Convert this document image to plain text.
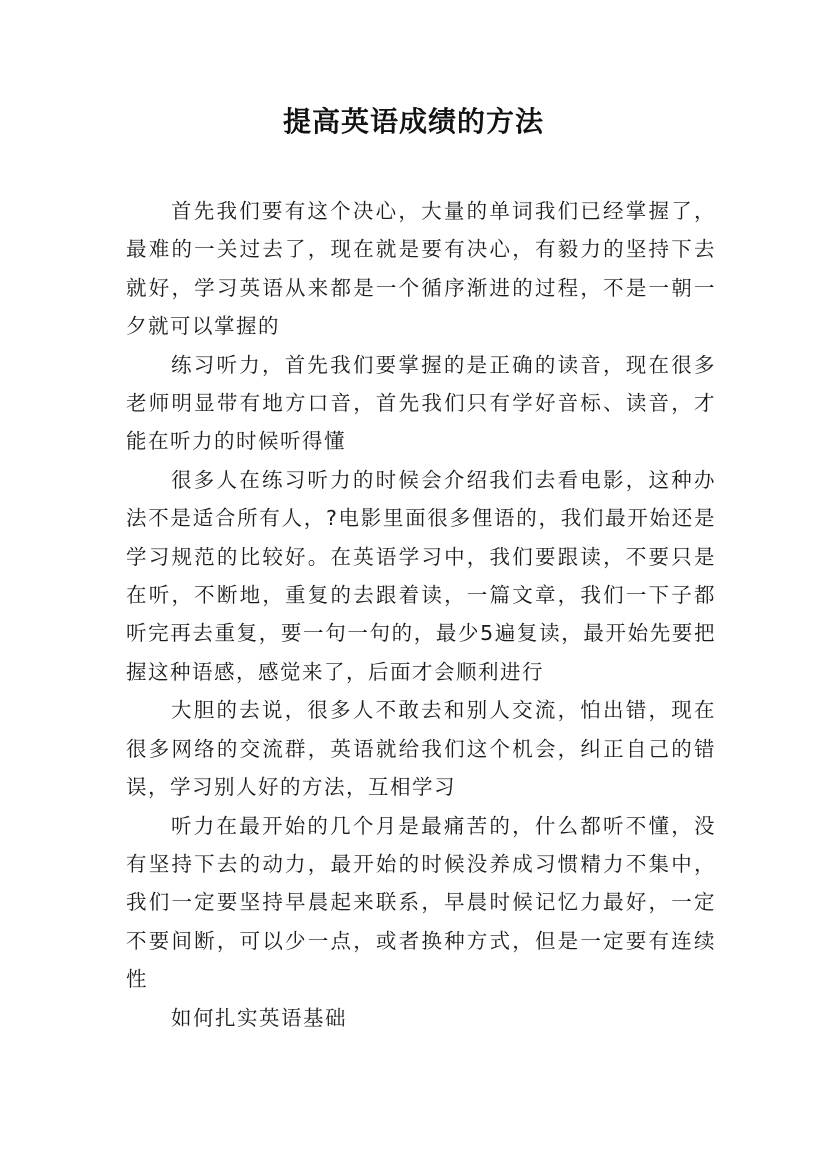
提高英语成绩的方法

首先我们要有这个决心，大量的单词我们已经掌握了，最难的一关过去了，现在就是要有决心，有毅力的坚持下去就好，学习英语从来都是一个循序渐进的过程，不是一朝一夕就可以掌握的

练习听力，首先我们要掌握的是正确的读音，现在很多老师明显带有地方口音，首先我们只有学好音标、读音，才能在听力的时候听得懂

很多人在练习听力的时候会介绍我们去看电影，这种办法不是适合所有人，?电影里面很多俚语的，我们最开始还是学习规范的比较好。在英语学习中，我们要跟读，不要只是在听，不断地，重复的去跟着读，一篇文章，我们一下子都听完再去重复，要一句一句的，最少5遍复读，最开始先要把握这种语感，感觉来了，后面才会顺利进行

大胆的去说，很多人不敢去和别人交流，怕出错，现在很多网络的交流群，英语就给我们这个机会，纠正自己的错误，学习别人好的方法，互相学习

听力在最开始的几个月是最痛苦的，什么都听不懂，没有坚持下去的动力，最开始的时候没养成习惯精力不集中，我们一定要坚持早晨起来联系，早晨时候记忆力最好，一定不要间断，可以少一点，或者换种方式，但是一定要有连续性

如何扎实英语基础
